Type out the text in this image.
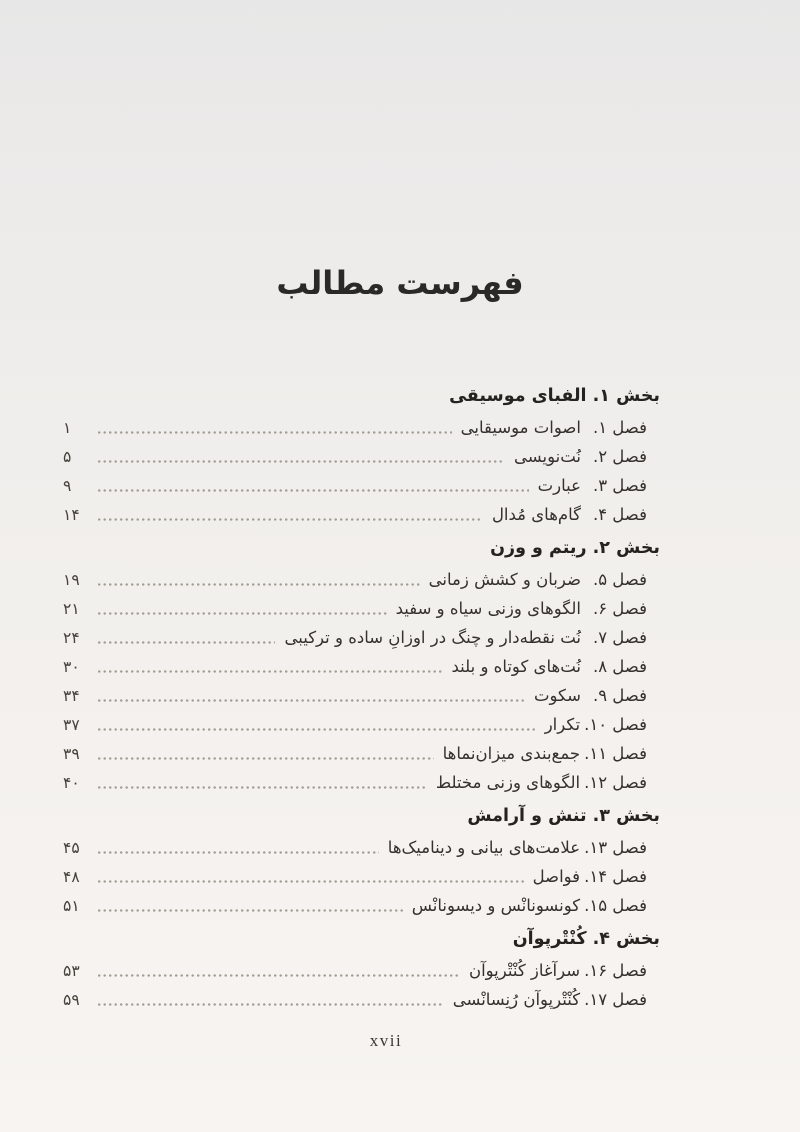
فهرست مطالب
بخش ۱. الفبای موسیقی
فصل ۱.
اصوات موسیقایی
۱
فصل ۲.
نُت‌نویسی
۵
فصل ۳.
عبارت
۹
فصل ۴.
گام‌های مُدال
۱۴
بخش ۲. ریتم و وزن
فصل ۵.
ضربان و کشش زمانی
۱۹
فصل ۶.
الگوهای وزنی سیاه و سفید
۲۱
فصل ۷.
نُت نقطه‌دار و چنگ در اوزانِ ساده و ترکیبی
۲۴
فصل ۸.
نُت‌های کوتاه و بلند
۳۰
فصل ۹.
سکوت
۳۴
فصل ۱۰.
تکرار
۳۷
فصل ۱۱.
جمع‌بندی میزان‌نماها
۳۹
فصل ۱۲.
الگوهای وزنی مختلط
۴۰
بخش ۳. تنش و آرامش
فصل ۱۳.
علامت‌های بیانی و دینامیک‌ها
۴۵
فصل ۱۴.
فواصل
۴۸
فصل ۱۵.
کونسونانْس و دیسونانْس
۵۱
بخش ۴. کُنْتْرپوآن
فصل ۱۶.
سرآغاز کُنْتْرپوآن
۵۳
فصل ۱۷.
کُنْتْرپوآن رُنِسانْسی
۵۹
xvii
